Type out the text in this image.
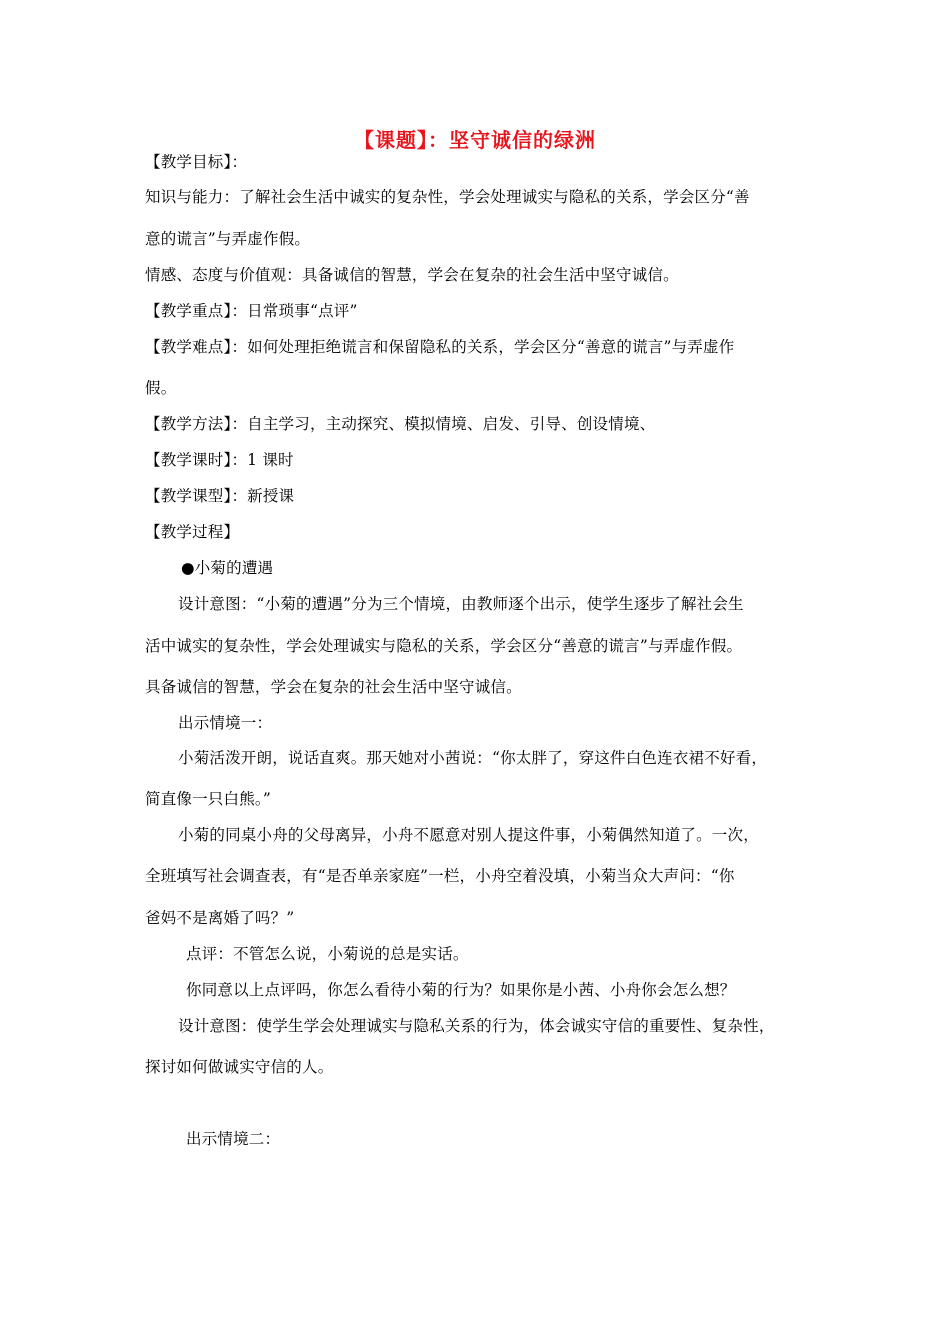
【课题】：坚守诚信的绿洲
【教学目标】：
知识与能力：了解社会生活中诚实的复杂性，学会处理诚实与隐私的关系，学会区分“善
意的谎言”与弄虚作假。
情感、态度与价值观：具备诚信的智慧，学会在复杂的社会生活中坚守诚信。
【教学重点】：日常琐事“点评”
【教学难点】：如何处理拒绝谎言和保留隐私的关系，学会区分“善意的谎言”与弄虚作
假。
【教学方法】：自主学习，主动探究、模拟情境、启发、引导、创设情境、
【教学课时】：1 课时
【教学课型】：新授课
【教学过程】
●小菊的遭遇
设计意图：“小菊的遭遇”分为三个情境，由教师逐个出示，使学生逐步了解社会生
活中诚实的复杂性，学会处理诚实与隐私的关系，学会区分“善意的谎言”与弄虚作假。
具备诚信的智慧，学会在复杂的社会生活中坚守诚信。
出示情境一：
小菊活泼开朗，说话直爽。那天她对小茜说：“你太胖了，穿这件白色连衣裙不好看，
简直像一只白熊。”
小菊的同桌小舟的父母离异，小舟不愿意对别人提这件事，小菊偶然知道了。一次，
全班填写社会调查表，有“是否单亲家庭”一栏，小舟空着没填，小菊当众大声问：“你
爸妈不是离婚了吗？”
点评：不管怎么说，小菊说的总是实话。
你同意以上点评吗，你怎么看待小菊的行为？如果你是小茜、小舟你会怎么想？
设计意图：使学生学会处理诚实与隐私关系的行为，体会诚实守信的重要性、复杂性，
探讨如何做诚实守信的人。
出示情境二：
